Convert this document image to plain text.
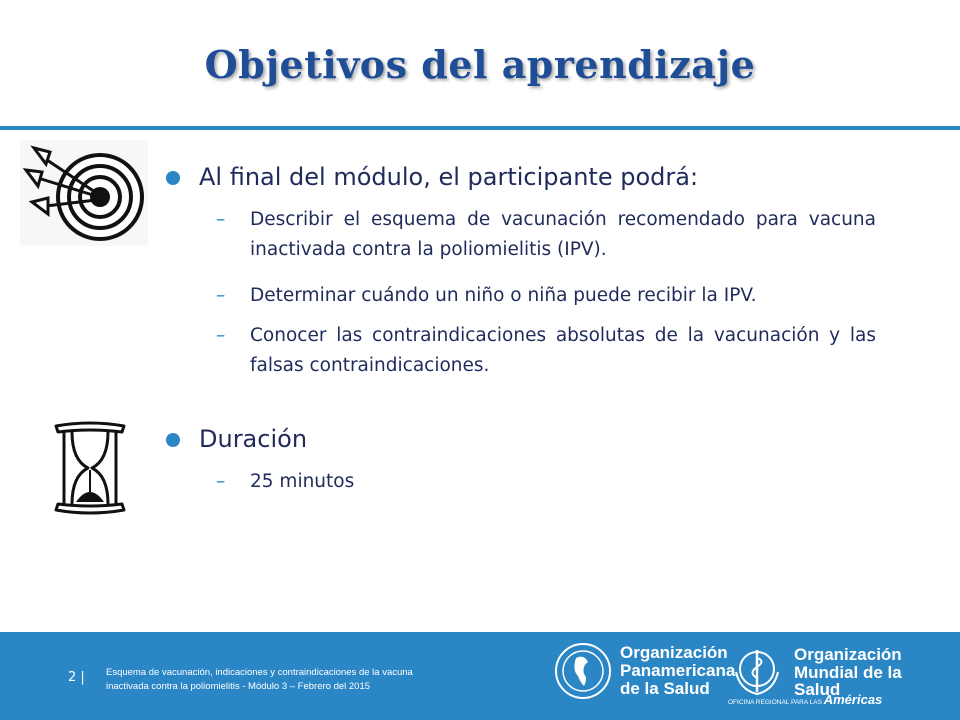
Objetivos del aprendizaje
Al final del módulo, el participante podrá:
– Describir el esquema de vacunación recomendado para vacuna inactivada contra la poliomielitis (IPV).
– Determinar cuándo un niño o niña puede recibir la IPV.
– Conocer las contraindicaciones absolutas de la vacunación y las falsas contraindicaciones.
Duración
– 25 minutos
2 | Esquema de vacunación, indicaciones y contraindicaciones de la vacuna
inactivada contra la poliomielitis - Módulo 3 – Febrero del 2015
Organización
Panamericana
de la Salud
Organización
Mundial de la Salud
OFICINA REGIONAL PARA LAS Américas
